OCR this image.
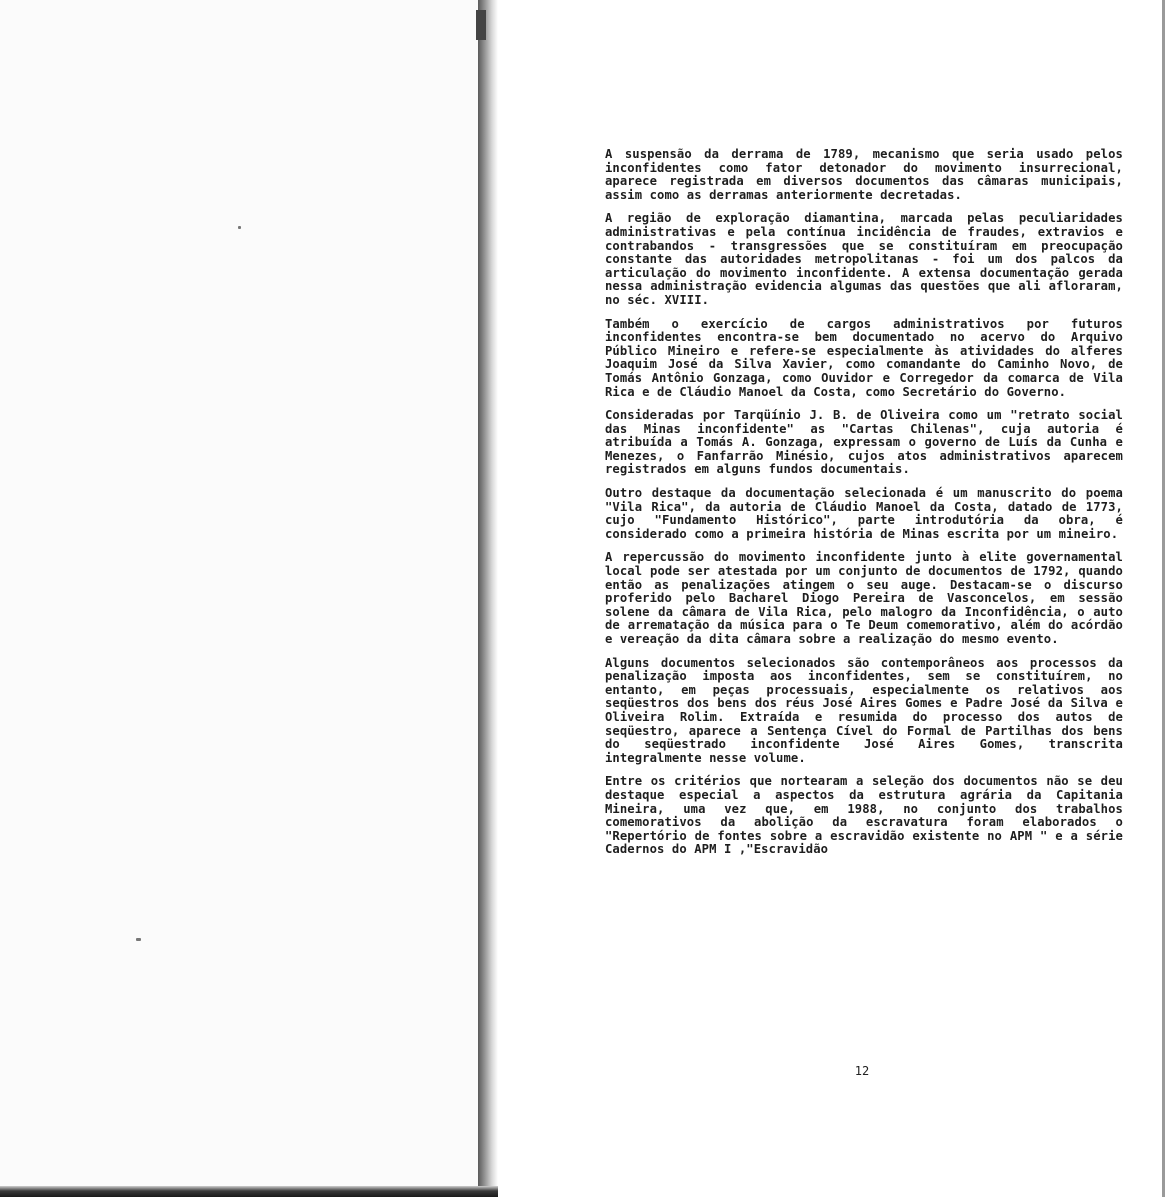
A suspensão da derrama de 1789, mecanismo que seria usado pelos inconfidentes como fator detonador do movimento insurrecional, aparece registrada em diversos documentos das câmaras municipais, assim como as derramas anteriormente decretadas.

A região de exploração diamantina, marcada pelas peculiaridades administrativas e pela contínua incidência de fraudes, extravios e contrabandos - transgressões que se constituíram em preocupação constante das autoridades metropolitanas - foi um dos palcos da articulação do movimento inconfidente. A extensa documentação gerada nessa administração evidencia algumas das questões que ali afloraram, no séc. XVIII.

Também o exercício de cargos administrativos por futuros inconfidentes encontra-se bem documentado no acervo do Arquivo Público Mineiro e refere-se especialmente às atividades do alferes Joaquim José da Silva Xavier, como comandante do Caminho Novo, de Tomás Antônio Gonzaga, como Ouvidor e Corregedor da comarca de Vila Rica e de Cláudio Manoel da Costa, como Secretário do Governo.

Consideradas por Tarqüínio J. B. de Oliveira como um "retrato social das Minas inconfidente" as "Cartas Chilenas", cuja autoria é atribuída a Tomás A. Gonzaga, expressam o governo de Luís da Cunha e Menezes, o Fanfarrão Minésio, cujos atos administrativos aparecem registrados em alguns fundos documentais.

Outro destaque da documentação selecionada é um manuscrito do poema "Vila Rica", da autoria de Cláudio Manoel da Costa, datado de 1773, cujo "Fundamento Histórico", parte introdutória da obra, é considerado como a primeira história de Minas escrita por um mineiro.

A repercussão do movimento inconfidente junto à elite governamental local pode ser atestada por um conjunto de documentos de 1792, quando então as penalizações atingem o seu auge. Destacam-se o discurso proferido pelo Bacharel Diogo Pereira de Vasconcelos, em sessão solene da câmara de Vila Rica, pelo malogro da Inconfidência, o auto de arrematação da música para o Te Deum comemorativo, além do acórdão e vereação da dita câmara sobre a realização do mesmo evento.

Alguns documentos selecionados são contemporâneos aos processos da penalização imposta aos inconfidentes, sem se constituírem, no entanto, em peças processuais, especialmente os relativos aos seqüestros dos bens dos réus José Aires Gomes e Padre José da Silva e Oliveira Rolim. Extraída e resumida do processo dos autos de seqüestro, aparece a Sentença Cível do Formal de Partilhas dos bens do seqüestrado inconfidente José Aires Gomes, transcrita integralmente nesse volume.

Entre os critérios que nortearam a seleção dos documentos não se deu destaque especial a aspectos da estrutura agrária da Capitania Mineira, uma vez que, em 1988, no conjunto dos trabalhos comemorativos da abolição da escravatura foram elaborados o "Repertório de fontes sobre a escravidão existente no APM " e a série Cadernos do APM I ,"Escravidão

12
